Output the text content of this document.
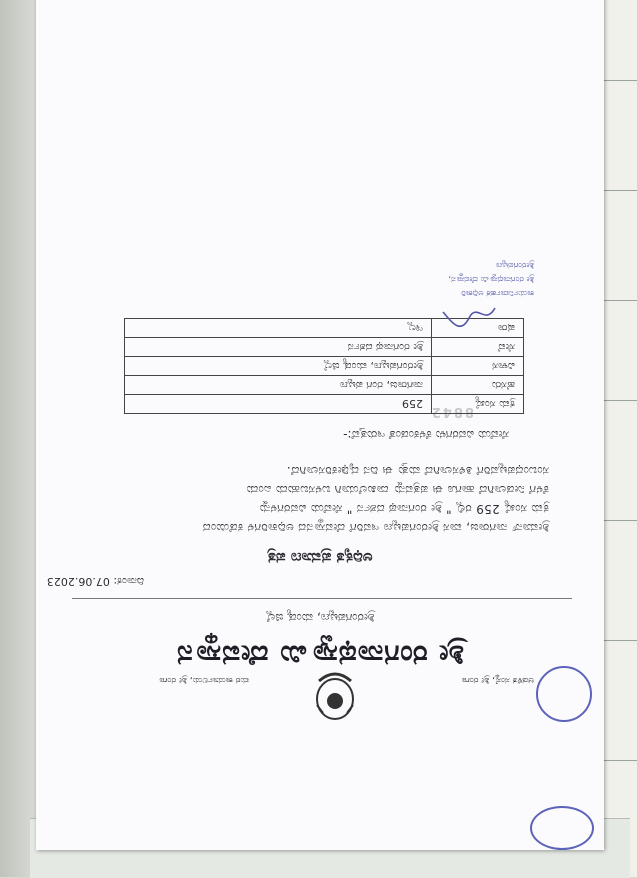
ಆಡಳಿತ ಸಂಸ್ಥೆ, ಶ್ರೀ ರಂಗಾ
ಮಠ ಕಾರ್ಯಾಲಯ, ಶ್ರೀ ರಂಗಾ
ಶ್ರೀ ರಂಗನಾಥಸ್ವಾಮಿ ದೇವಸ್ಥಾನ
ಶ್ರೀರಂಗಪಟ್ಟಣ, ಮಂಡ್ಯ ಜಿಲ್ಲೆ
ದಿನಾಂಕ: 07.06.2023
ಅಧಿಕೃತ ಪ್ರಮಾಣ ಪತ್ರ
ಶ್ರೀಮಾನ್ ನಾಗರಾಜ, ವಾಸ ಶ್ರೀರಂಗಪಟ್ಟಣ ಇವರಿಗೆ ದೇವಸ್ಥಾನದ ಅಧಿಕಾರಿಗಳ ಕಡೆಯಿಂದ
ಕ್ರಮ ಸಂಖ್ಯೆ 259 ರಲ್ಲಿ " ಶ್ರೀ ರಂಗನಾಥ ದರ್ಶನ " ಸೇವೆಯ ವಿವರಗಳನ್ನು
ಕೆಳಗೆ ನೀಡಲಾಗಿದೆ ಹಾಗೂ ಈ ಪತ್ರವನ್ನು ದಾಖಲೆಯಾಗಿ ಬಳಸಬಹುದು ಎಂದು
ಸಂಬಂಧಪಟ್ಟವರಿಗೆ ತಿಳಿಸಲಾಗಿದೆ ಮತ್ತು ಈ ದಿನ ದೃಢೀಕರಿಸಲಾಗಿದೆ.
ಸೇವೆಯ ವಿವರಗಳು ಕೆಳಕಂಡಂತೆ ಇರುತ್ತವೆ:-
8842 ಕ್ರಮ ಸಂಖ್ಯೆ	259
ಹೆಸರು	ನಾಗರಾಜ, ರಂಗ ಪಟ್ಟಣ
ವಿಳಾಸ	ಶ್ರೀರಂಗಪಟ್ಟಣ, ಮಂಡ್ಯ ಜಿಲ್ಲೆ
ಸೇವೆ	ಶ್ರೀ ರಂಗನಾಥ ದರ್ಶನ
ಷರಾ	ಇಲ್ಲ
ಕಾರ್ಯನಿರ್ವಾಹಕ ಅಧಿಕಾರಿ
ಶ್ರೀ ರಂಗನಾಥಸ್ವಾಮಿ ದೇವಸ್ಥಾನ,
ಶ್ರೀರಂಗಪಟ್ಟಣ
